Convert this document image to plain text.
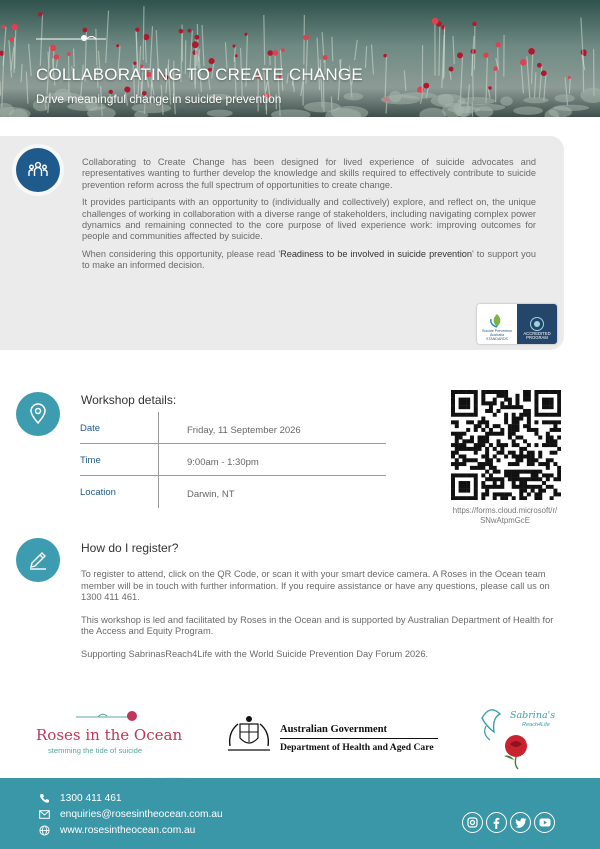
COLLABORATING TO CREATE CHANGE
Drive meaningful change in suicide prevention

Collaborating to Create Change has been designed for lived experience of suicide advocates and representatives wanting to further develop the knowledge and skills required to effectively contribute to suicide prevention reform across the full spectrum of opportunities to create change.

It provides participants with an opportunity to (individually and collectively) explore, and reflect on, the unique challenges of working in collaboration with a diverse range of stakeholders, including navigating complex power dynamics and remaining connected to the core purpose of lived experience work: improving outcomes for people and communities affected by suicide.

When considering this opportunity, please read 'Readiness to be involved in suicide prevention' to support you to make an informed decision.

Suicide Prevention
Australia
STANDARDS
ACCREDITED
PROGRAM
Workshop details:
Date	Friday, 11 September 2026
Time	9:00am - 1:30pm
Location	Darwin, NT
https://forms.cloud.microsoft/r/
SNwAtpmGcE
How do I register?

To register to attend, click on the QR Code, or scan it with your smart device camera. A Roses in the Ocean team member will be in touch with further information. If you require assistance or have any questions, please call us on 1300 411 461.

This workshop is led and facilitated by Roses in the Ocean and is supported by Australian Department of Health for the Access and Equity Program.

Supporting SabrinasReach4Life with the World Suicide Prevention Day Forum 2026.

Roses in the Ocean
stemming the tide of suicide
Australian Government
Department of Health and Aged Care
Sabrina's
Reach4Life
1300 411 461
enquiries@rosesintheocean.com.au
www.rosesintheocean.com.au
